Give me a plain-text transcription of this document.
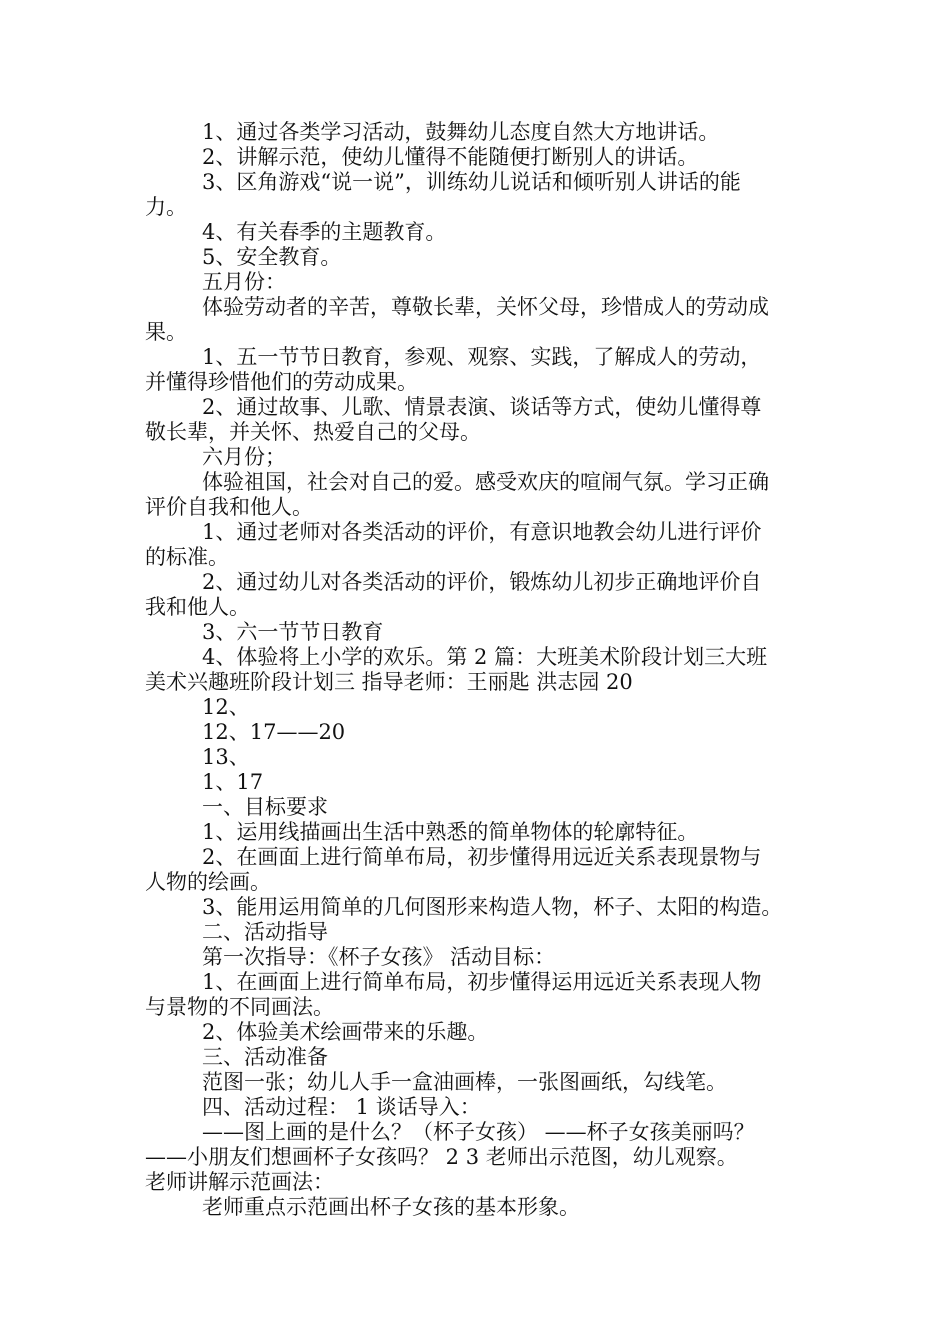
1、通过各类学习活动，鼓舞幼儿态度自然大方地讲话。
2、讲解示范，使幼儿懂得不能随便打断别人的讲话。
3、区角游戏“说一说”，训练幼儿说话和倾听别人讲话的能
力。
4、有关春季的主题教育。
5、安全教育。
五月份：
体验劳动者的辛苦，尊敬长辈，关怀父母，珍惜成人的劳动成
果。
1、五一节节日教育，参观、观察、实践，了解成人的劳动，
并懂得珍惜他们的劳动成果。
2、通过故事、儿歌、情景表演、谈话等方式，使幼儿懂得尊
敬长辈，并关怀、热爱自己的父母。
六月份；
体验祖国，社会对自己的爱。感受欢庆的喧闹气氛。学习正确
评价自我和他人。
1、通过老师对各类活动的评价，有意识地教会幼儿进行评价
的标准。
2、通过幼儿对各类活动的评价，锻炼幼儿初步正确地评价自
我和他人。
3、六一节节日教育
4、体验将上小学的欢乐。第 2 篇：大班美术阶段计划三大班
美术兴趣班阶段计划三 指导老师：王丽匙 洪志园 20
12、
12、17——20
13、
1、17
一、目标要求
1、运用线描画出生活中熟悉的简单物体的轮廓特征。
2、在画面上进行简单布局，初步懂得用远近关系表现景物与
人物的绘画。
3、能用运用简单的几何图形来构造人物，杯子、太阳的构造。
二、活动指导
第一次指导：《杯子女孩》 活动目标：
1、在画面上进行简单布局，初步懂得运用远近关系表现人物
与景物的不同画法。
2、体验美术绘画带来的乐趣。
三、活动准备
范图一张；幼儿人手一盒油画棒，一张图画纸，勾线笔。
四、活动过程： 1 谈话导入：
——图上画的是什么？（杯子女孩） ——杯子女孩美丽吗？
——小朋友们想画杯子女孩吗？ 2 3 老师出示范图，幼儿观察。
老师讲解示范画法：
老师重点示范画出杯子女孩的基本形象。
